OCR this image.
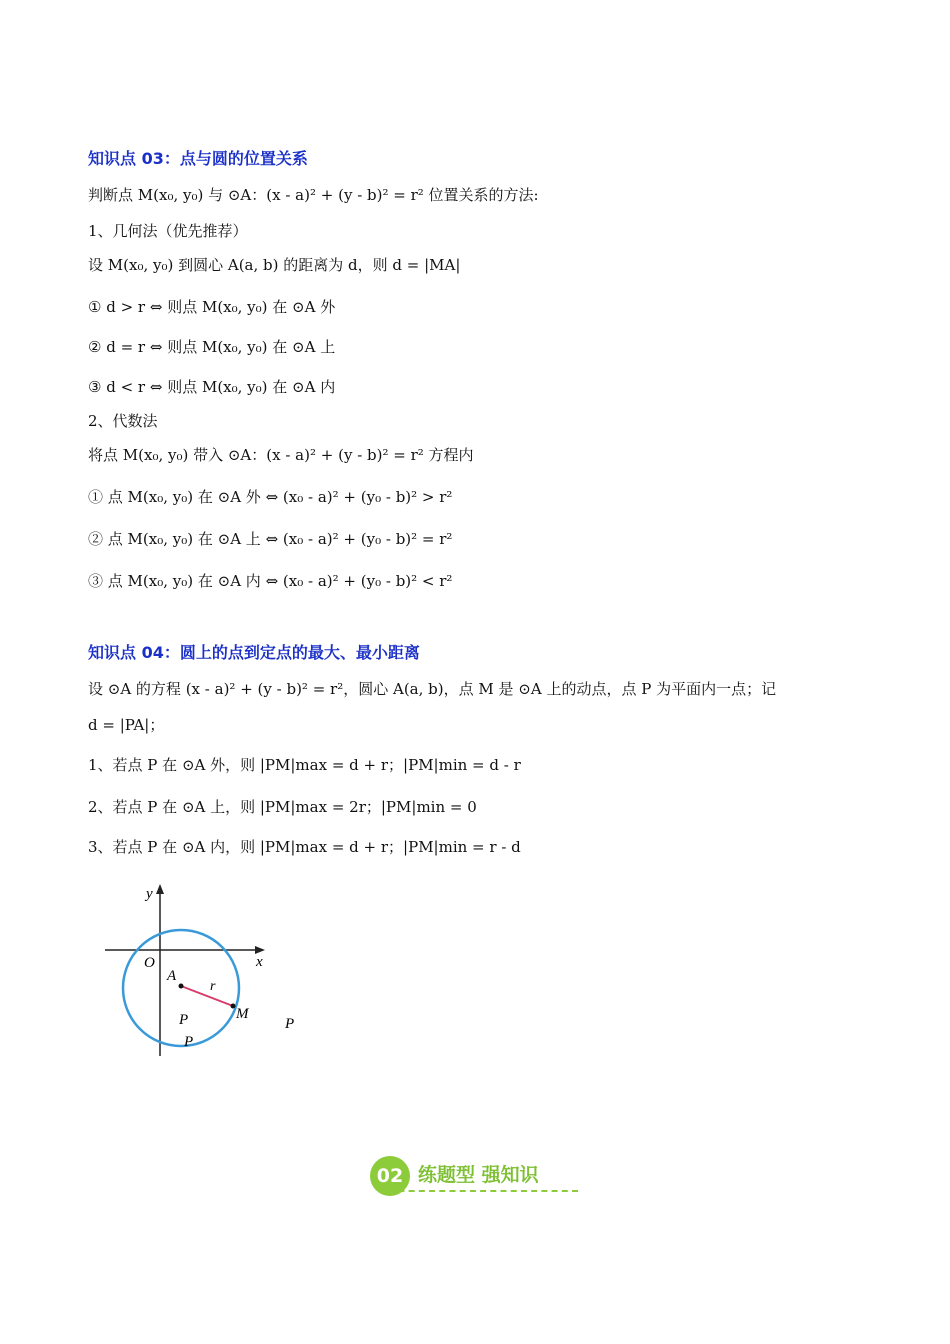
知识点 03：点与圆的位置关系
判断点 M(x₀, y₀) 与 ⊙A：(x - a)² + (y - b)² = r² 位置关系的方法:
1、几何法（优先推荐）
设 M(x₀, y₀) 到圆心 A(a, b) 的距离为 d，则 d = |MA|
① d > r ⇔ 则点 M(x₀, y₀) 在 ⊙A 外
② d = r ⇔ 则点 M(x₀, y₀) 在 ⊙A 上
③ d < r ⇔ 则点 M(x₀, y₀) 在 ⊙A 内
2、代数法
将点 M(x₀, y₀) 带入 ⊙A：(x - a)² + (y - b)² = r² 方程内
① 点 M(x₀, y₀) 在 ⊙A 外 ⇔ (x₀ - a)² + (y₀ - b)² > r²
② 点 M(x₀, y₀) 在 ⊙A 上 ⇔ (x₀ - a)² + (y₀ - b)² = r²
③ 点 M(x₀, y₀) 在 ⊙A 内 ⇔ (x₀ - a)² + (y₀ - b)² < r²
知识点 04：圆上的点到定点的最大、最小距离
设 ⊙A 的方程 (x - a)² + (y - b)² = r²，圆心 A(a, b)，点 M 是 ⊙A 上的动点，点 P 为平面内一点；记
d = |PA|；
1、若点 P 在 ⊙A 外，则 |PM|max = d + r；|PM|min = d - r
2、若点 P 在 ⊙A 上，则 |PM|max = 2r；|PM|min = 0
3、若点 P 在 ⊙A 内，则 |PM|max = d + r；|PM|min = r - d
y
x
O
A
r
M
P
P
P
02 练题型 强知识
